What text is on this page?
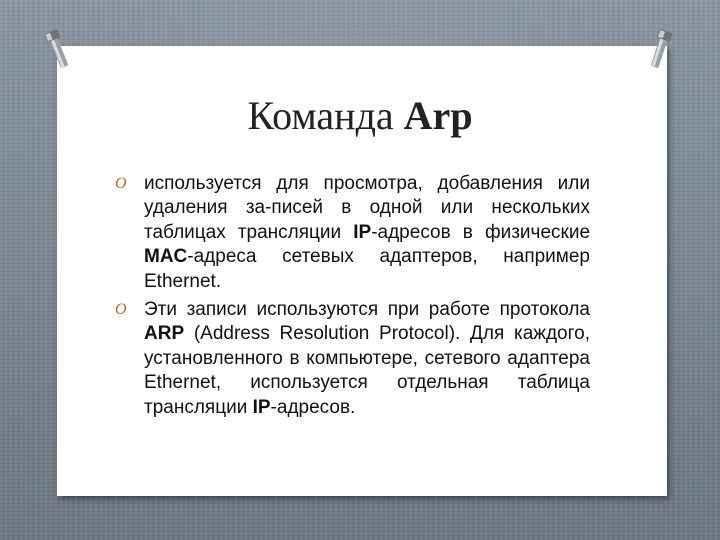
Команда Arp
O используется для просмотра, добавления или удаления за-писей в одной или нескольких таблицах трансляции IP-адресов в физические MAC-адреса сетевых адаптеров, например Ethernet.
O Эти записи используются при работе протокола ARP (Address Resolution Protocol). Для каждого, установленного в компьютере, сетевого адаптера Ethernet, используется отдельная таблица трансляции IP-адресов.
